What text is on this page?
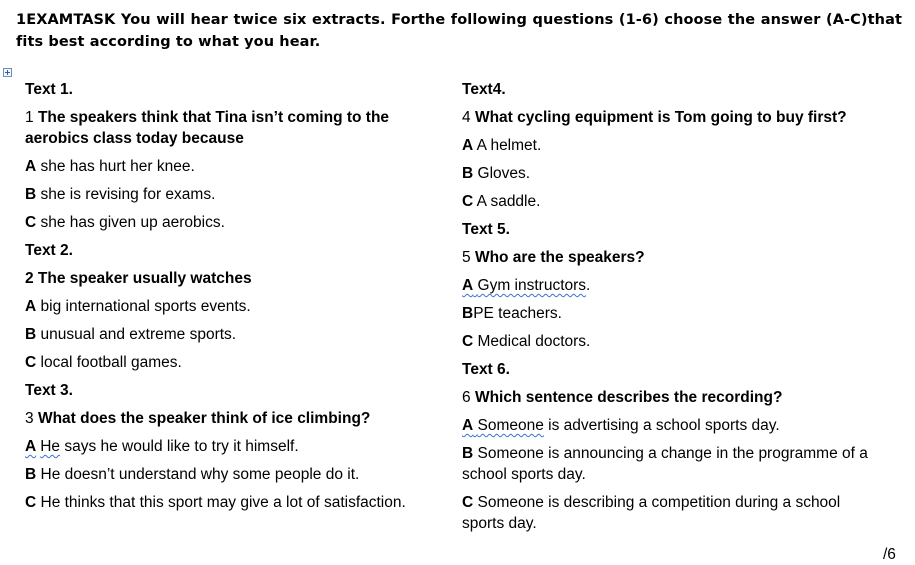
1EXAMTASK You will hear twice six extracts. Forthe following questions (1-6) choose the answer (A-C)that fits best according to what you hear.
Text 1.
1 The speakers think that Tina isn’t coming to the aerobics class today because
A she has hurt her knee.
B she is revising for exams.
C she has given up aerobics.
Text 2.
2 The speaker usually watches
A big international sports events.
B unusual and extreme sports.
C local football games.
Text 3.
3 What does the speaker think of ice climbing?
A He says he would like to try it himself.
B He doesn’t understand why some people do it.
C He thinks that this sport may give a lot of satisfaction.
Text4.
4 What cycling equipment is Tom going to buy first?
A A helmet.
B Gloves.
C A saddle.
Text 5.
5 Who are the speakers?
A Gym instructors.
BPE teachers.
C Medical doctors.
Text 6.
6 Which sentence describes the recording?
A Someone is advertising a school sports day.
B Someone is announcing a change in the programme of a school sports day.
C Someone is describing a competition during a school sports day.
/6
